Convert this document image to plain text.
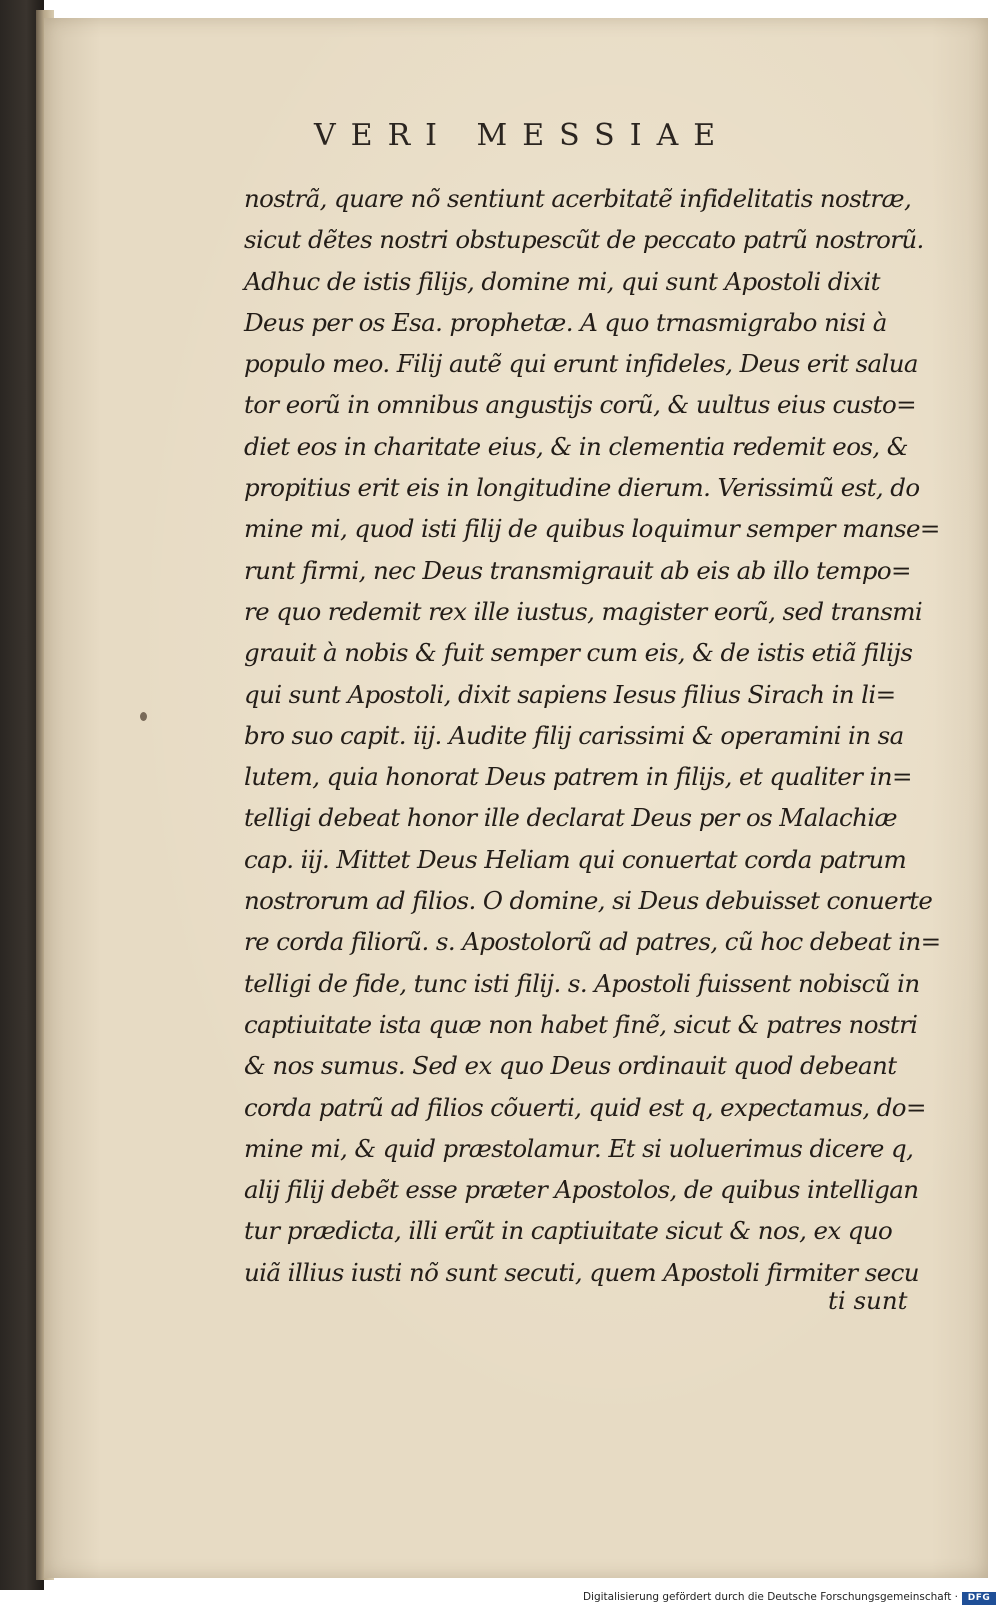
VERI MESSIAE
nostrã, quare nõ sentiunt acerbitatẽ infidelitatis nostræ,
sicut dẽtes nostri obstupescũt de peccato patrũ nostrorũ.
Adhuc de istis filijs, domine mi, qui sunt Apostoli dixit
Deus per os Esa. prophetæ. A quo trnasmigrabo nisi à
populo meo. Filij autẽ qui erunt infideles, Deus erit salua
tor eorũ in omnibus angustijs corũ, & uultus eius custo=
diet eos in charitate eius, & in clementia redemit eos, &
propitius erit eis in longitudine dierum. Verissimũ est, do
mine mi, quod isti filij de quibus loquimur semper manse=
runt firmi, nec Deus transmigrauit ab eis ab illo tempo=
re quo redemit rex ille iustus, magister eorũ, sed transmi
grauit à nobis & fuit semper cum eis, & de istis etiã filijs
qui sunt Apostoli, dixit sapiens Iesus filius Sirach in li=
bro suo capit. iij. Audite filij carissimi & operamini in sa
lutem, quia honorat Deus patrem in filijs, et qualiter in=
telligi debeat honor ille declarat Deus per os Malachiæ
cap. iij. Mittet Deus Heliam qui conuertat corda patrum
nostrorum ad filios. O domine, si Deus debuisset conuerte
re corda filiorũ. s. Apostolorũ ad patres, cũ hoc debeat in=
telligi de fide, tunc isti filij. s. Apostoli fuissent nobiscũ in
captiuitate ista quæ non habet finẽ, sicut & patres nostri
& nos sumus. Sed ex quo Deus ordinauit quod debeant
corda patrũ ad filios cõuerti, quid est q, expectamus, do=
mine mi, & quid præstolamur. Et si uoluerimus dicere q,
alij filij debẽt esse præter Apostolos, de quibus intelligan
tur prædicta, illi erũt in captiuitate sicut & nos, ex quo
uiã illius iusti nõ sunt secuti, quem Apostoli firmiter secu
ti sunt
Digitalisierung gefördert durch die Deutsche Forschungsgemeinschaft ·	DFG
